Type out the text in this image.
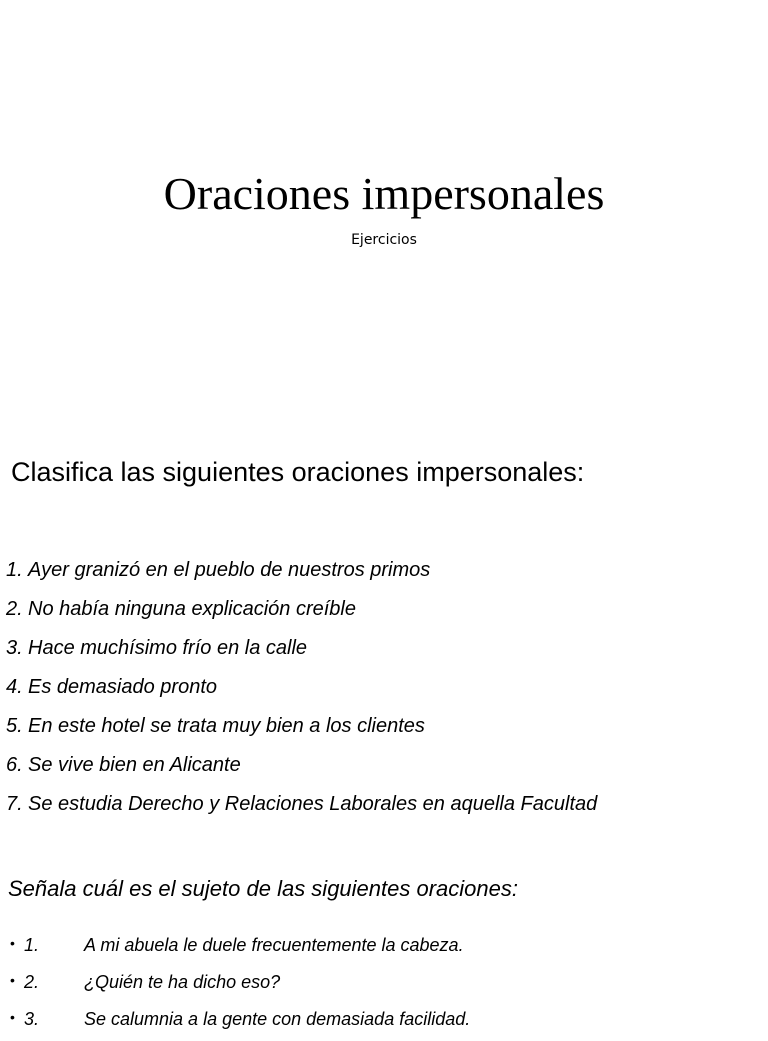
Oraciones impersonales

Ejercicios

Clasifica las siguientes oraciones impersonales:
1. Ayer granizó en el pueblo de nuestros primos
2. No había ninguna explicación creíble
3. Hace muchísimo frío en la calle
4. Es demasiado pronto
5. En este hotel se trata muy bien a los clientes
6. Se vive bien en Alicante
7. Se estudia Derecho y Relaciones Laborales en aquella Facultad
Señala cuál es el sujeto de las siguientes oraciones:
• 1. A mi abuela le duele frecuentemente la cabeza.
• 2. ¿Quién te ha dicho eso?
• 3. Se calumnia a la gente con demasiada facilidad.
